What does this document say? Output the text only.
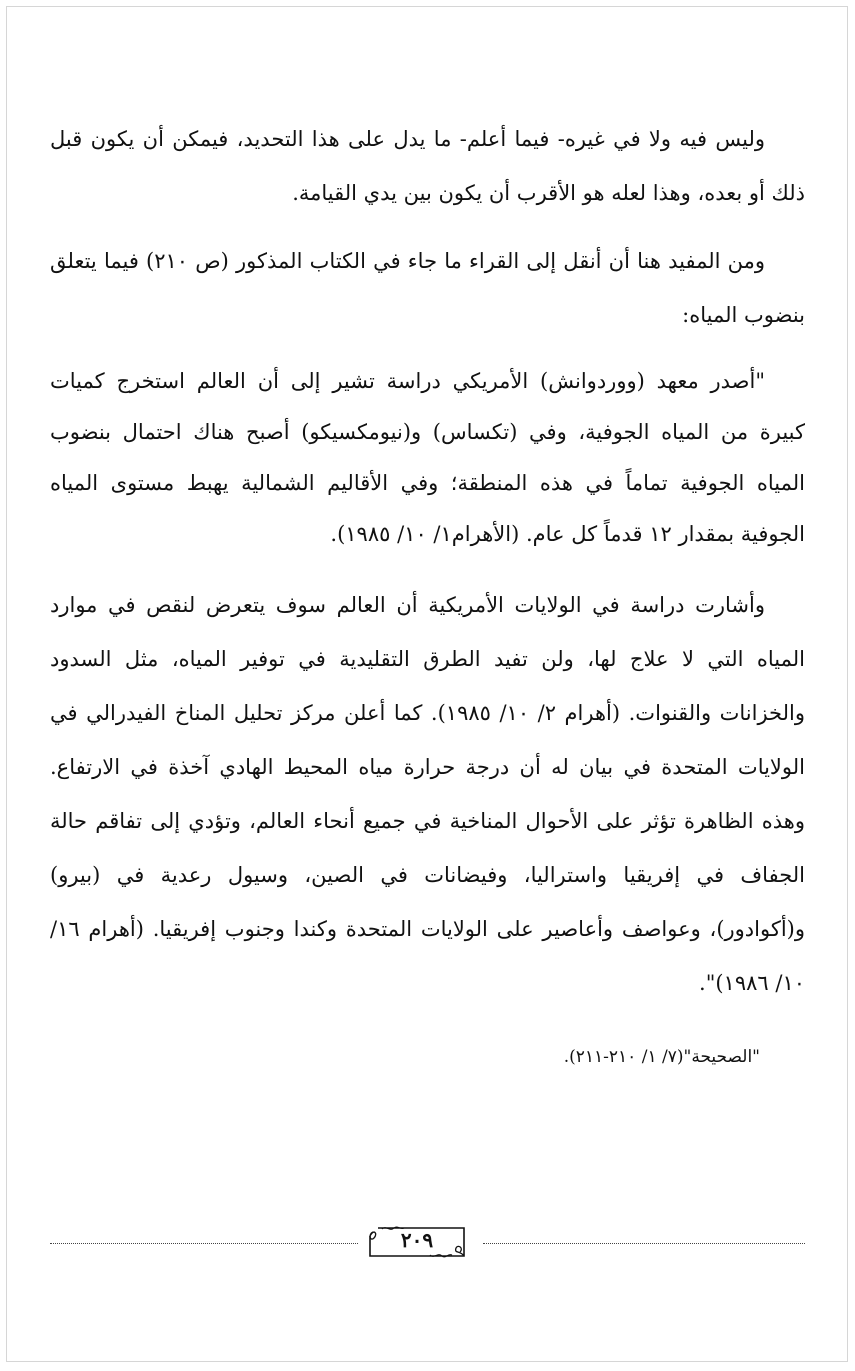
وليس فيه ولا في غيره- فيما أعلم- ما يدل على هذا التحديد، فيمكن أن يكون قبل ذلك أو بعده، وهذا لعله هو الأقرب أن يكون بين يدي القيامة.

ومن المفيد هنا أن أنقل إلى القراء ما جاء في الكتاب المذكور (ص ٢١٠) فيما يتعلق بنضوب المياه:

"أصدر معهد (ووردوانش) الأمريكي دراسة تشير إلى أن العالم استخرج كميات كبيرة من المياه الجوفية، وفي (تكساس) و(نيومكسيكو) أصبح هناك احتمال بنضوب المياه الجوفية تماماً في هذه المنطقة؛ وفي الأقاليم الشمالية يهبط مستوى المياه الجوفية بمقدار ١٢ قدماً كل عام. (الأهرام١/ ١٠/ ١٩٨٥).

وأشارت دراسة في الولايات الأمريكية أن العالم سوف يتعرض لنقص في موارد المياه التي لا علاج لها، ولن تفيد الطرق التقليدية في توفير المياه، مثل السدود والخزانات والقنوات. (أهرام ٢/ ١٠/ ١٩٨٥). كما أعلن مركز تحليل المناخ الفيدرالي في الولايات المتحدة في بيان له أن درجة حرارة مياه المحيط الهادي آخذة في الارتفاع. وهذه الظاهرة تؤثر على الأحوال المناخية في جميع أنحاء العالم، وتؤدي إلى تفاقم حالة الجفاف في إفريقيا واستراليا، وفيضانات في الصين، وسيول رعدية في (بيرو) و(أكوادور)، وعواصف وأعاصير على الولايات المتحدة وكندا وجنوب إفريقيا. (أهرام ١٦/ ١٠/ ١٩٨٦)".

"الصحيحة"(٧/ ١/ ٢١٠-٢١١).
٢٠٩
